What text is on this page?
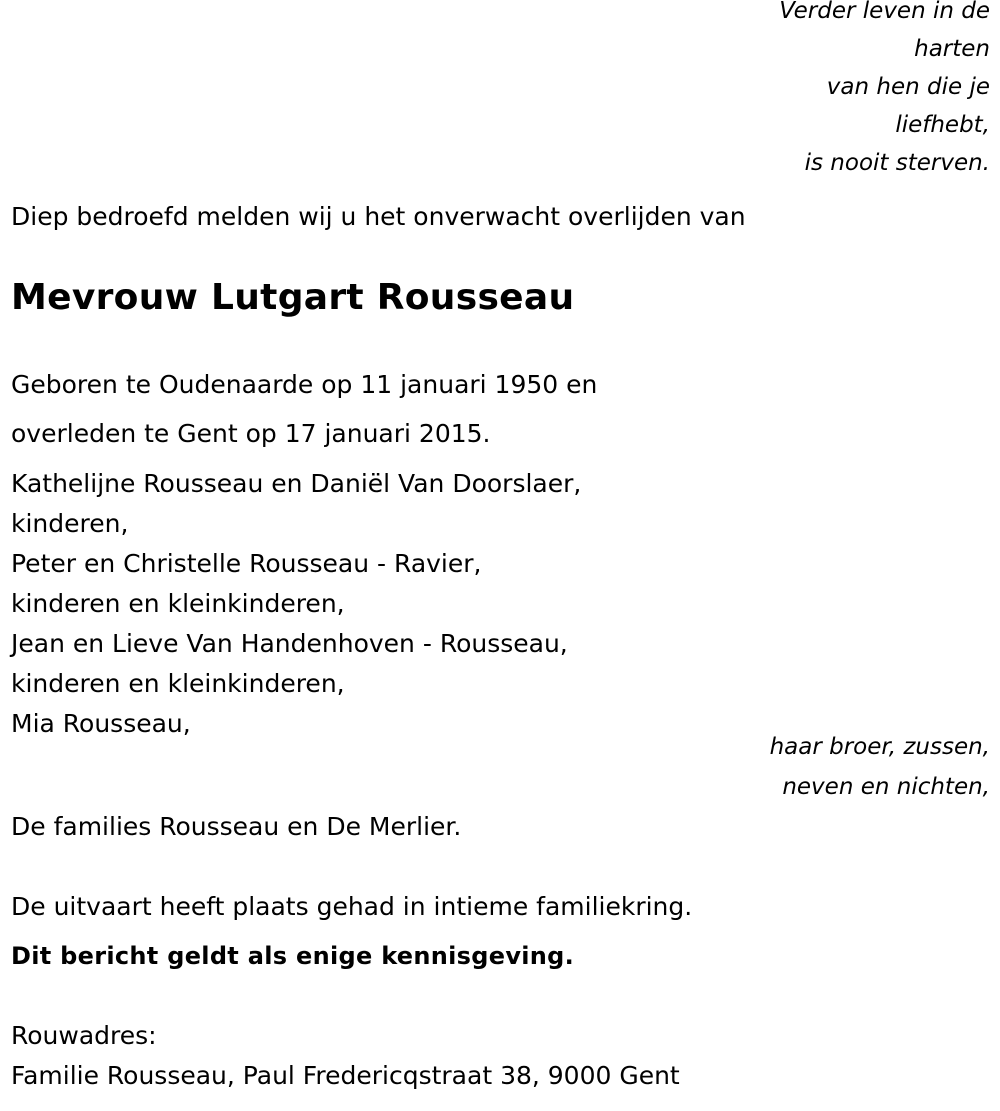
Verder leven in de
harten
van hen die je
liefhebt,
is nooit sterven.
Diep bedroefd melden wij u het onverwacht overlijden van
Mevrouw Lutgart Rousseau
Geboren te Oudenaarde op 11 januari 1950 en
overleden te Gent op 17 januari 2015.
Kathelijne Rousseau en Daniël Van Doorslaer,
kinderen,
Peter en Christelle Rousseau - Ravier,
kinderen en kleinkinderen,
Jean en Lieve Van Handenhoven - Rousseau,
kinderen en kleinkinderen,
Mia Rousseau,
haar broer, zussen,
neven en nichten,
De families Rousseau en De Merlier.
De uitvaart heeft plaats gehad in intieme familiekring.
Dit bericht geldt als enige kennisgeving.
Rouwadres:
Familie Rousseau, Paul Fredericqstraat 38, 9000 Gent
